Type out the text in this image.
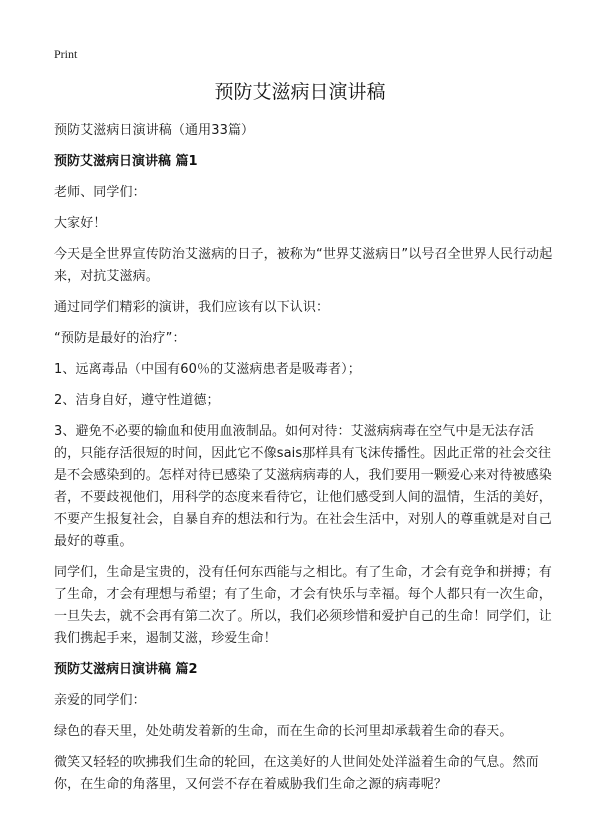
Print
预防艾滋病日演讲稿

预防艾滋病日演讲稿（通用33篇）

预防艾滋病日演讲稿 篇1

老师、同学们：

大家好！

今天是全世界宣传防治艾滋病的日子，被称为“世界艾滋病日”以号召全世界人民行动起来，对抗艾滋病。

通过同学们精彩的演讲，我们应该有以下认识：

“预防是最好的治疗”：

1、远离毒品（中国有60％的艾滋病患者是吸毒者）；

2、洁身自好，遵守性道德；

3、避免不必要的输血和使用血液制品。如何对待：艾滋病病毒在空气中是无法存活的，只能存活很短的时间，因此它不像sais那样具有飞沫传播性。因此正常的社会交往是不会感染到的。怎样对待已感染了艾滋病病毒的人，我们要用一颗爱心来对待被感染者，不要歧视他们，用科学的态度来看待它，让他们感受到人间的温情，生活的美好，不要产生报复社会，自暴自弃的想法和行为。在社会生活中，对别人的尊重就是对自己最好的尊重。

同学们，生命是宝贵的，没有任何东西能与之相比。有了生命，才会有竞争和拼搏；有了生命，才会有理想与希望；有了生命，才会有快乐与幸福。每个人都只有一次生命，一旦失去，就不会再有第二次了。所以，我们必须珍惜和爱护自己的生命！同学们，让我们携起手来，遏制艾滋，珍爱生命！

预防艾滋病日演讲稿 篇2

亲爱的同学们：

绿色的春天里，处处萌发着新的生命，而在生命的长河里却承载着生命的春天。

微笑又轻轻的吹拂我们生命的轮回，在这美好的人世间处处洋溢着生命的气息。然而你，在生命的角落里，又何尝不存在着威胁我们生命之源的病毒呢？
